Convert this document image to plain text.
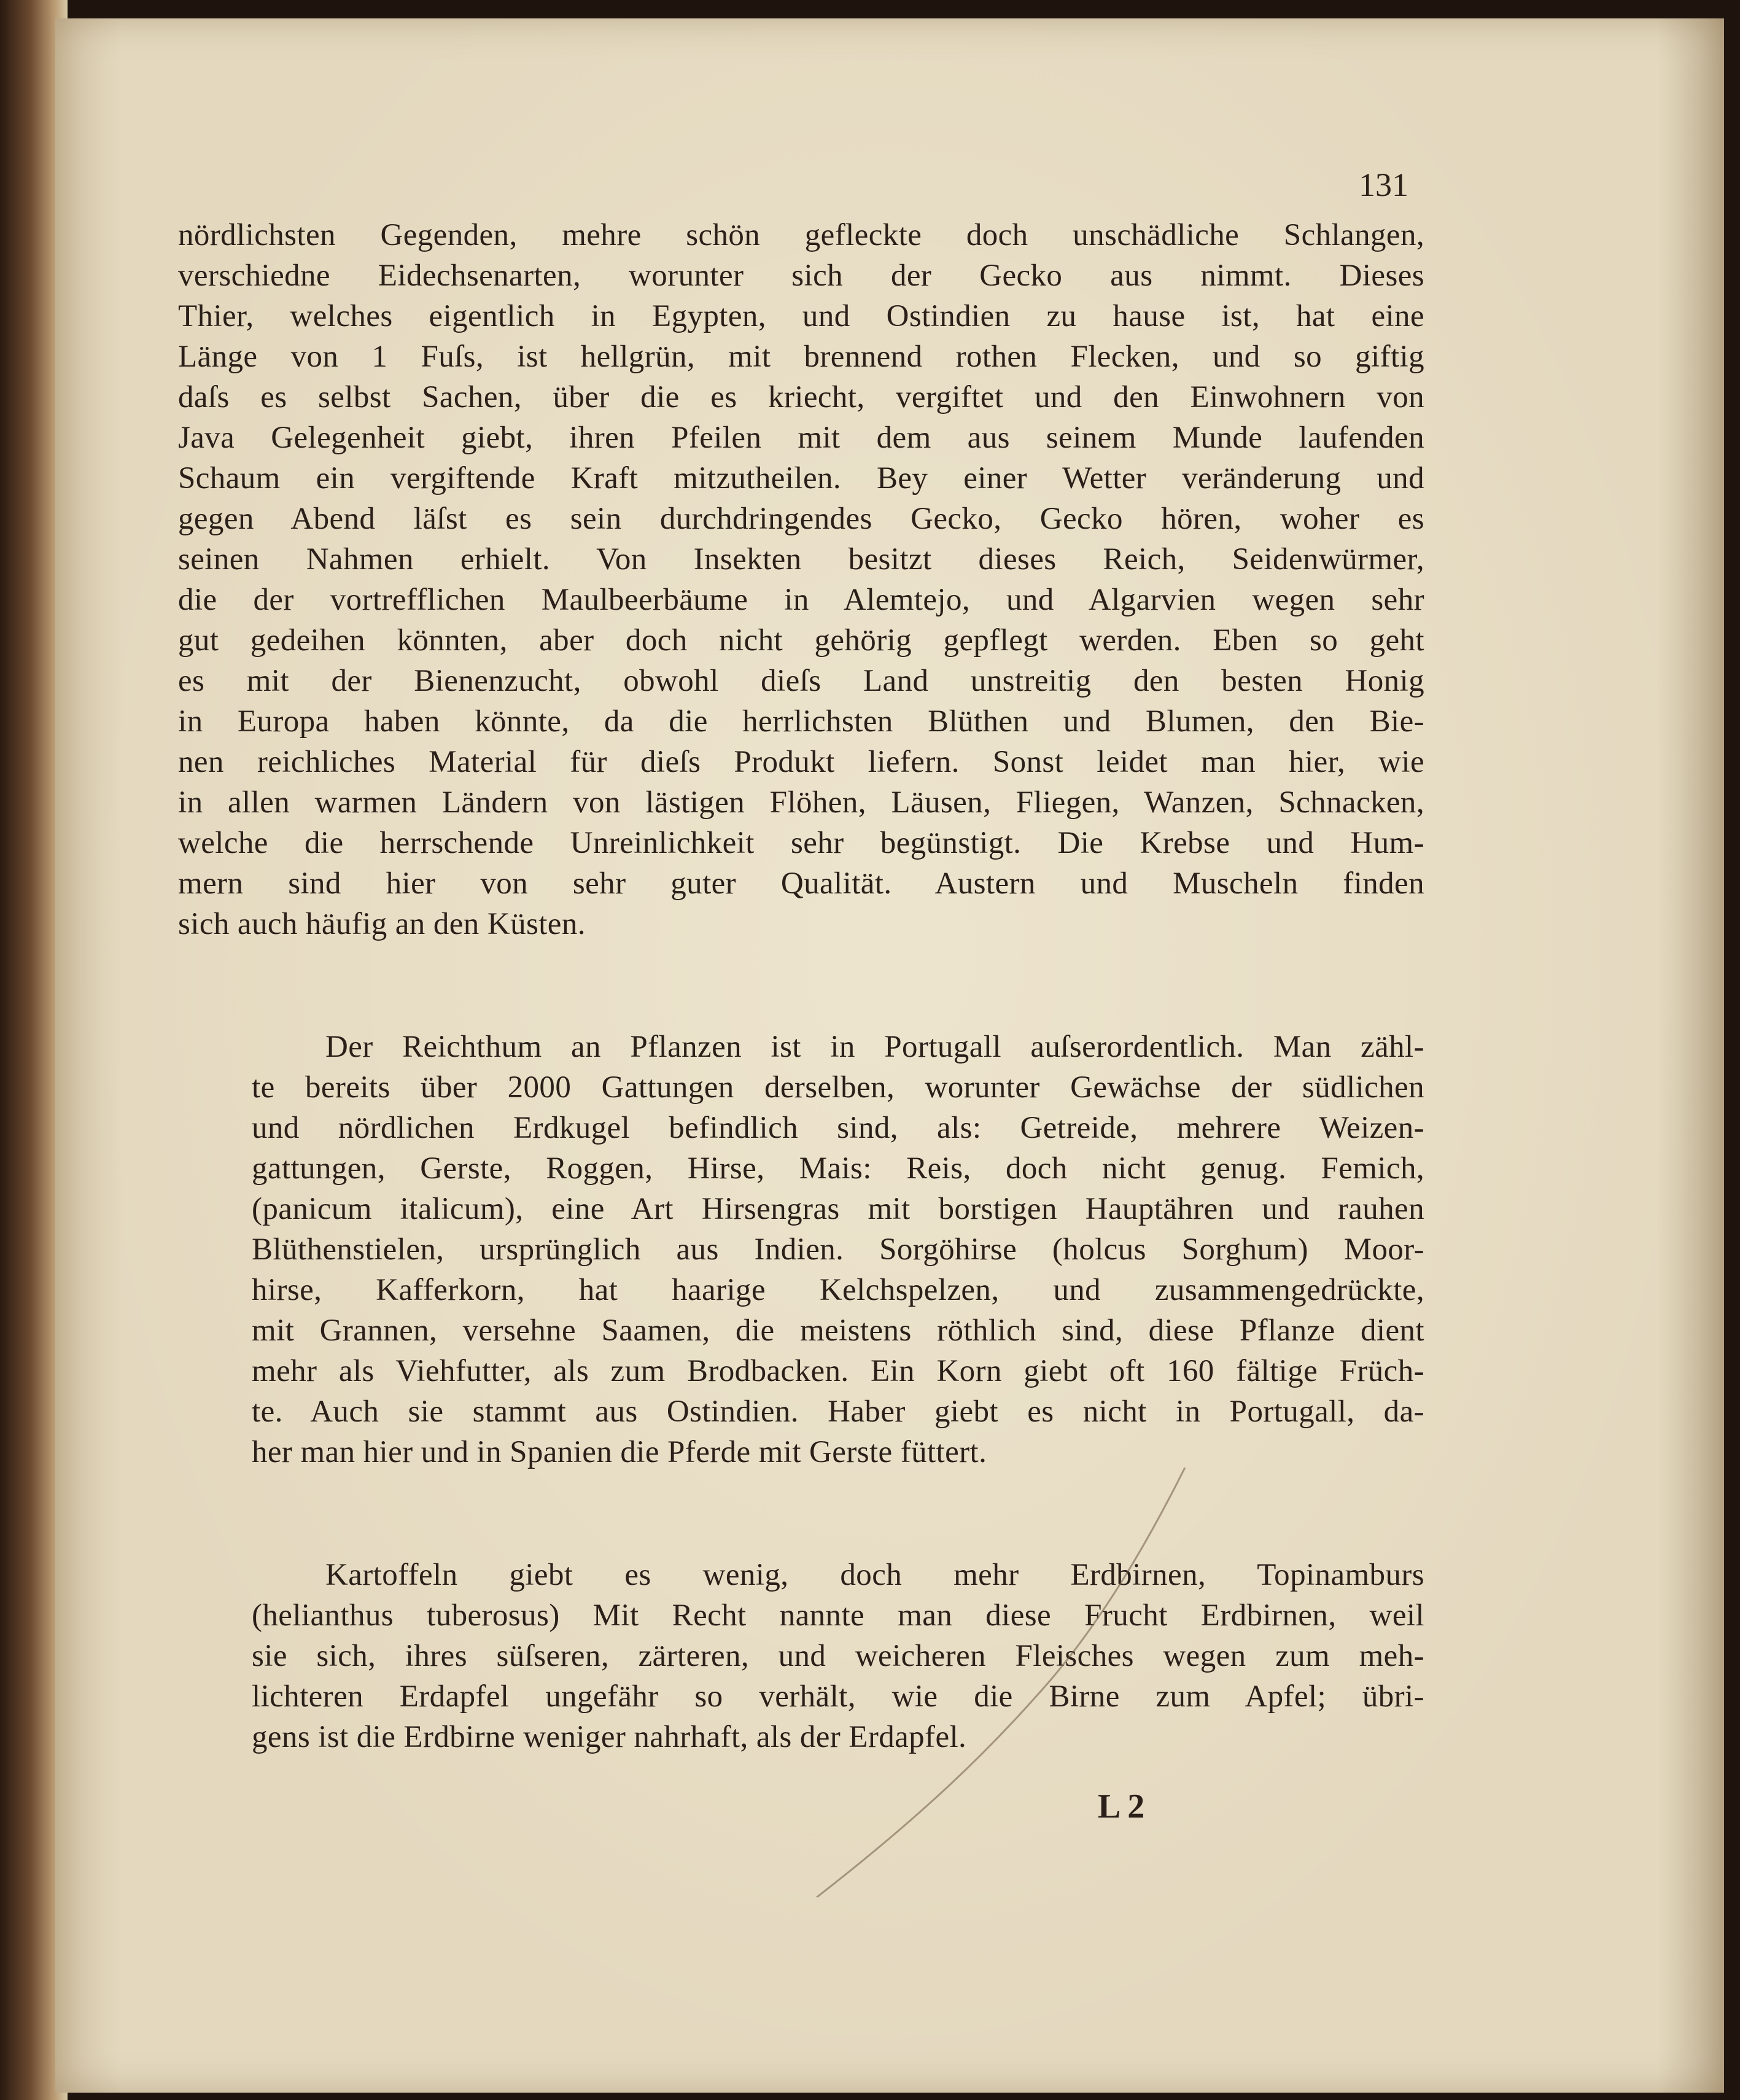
131

nördlichsten Gegenden, mehre schön gefleckte doch unschädliche Schlangen,
verschiedne Eidechsenarten, worunter sich der Gecko aus nimmt. Dieses
Thier, welches eigentlich in Egypten, und Ostindien zu hause ist, hat eine
Länge von 1 Fuſs, ist hellgrün, mit brennend rothen Flecken, und so giftig
daſs es selbst Sachen, über die es kriecht, vergiftet und den Einwohnern von
Java Gelegenheit giebt, ihren Pfeilen mit dem aus seinem Munde laufenden
Schaum ein vergiftende Kraft mitzutheilen. Bey einer Wetter veränderung und
gegen Abend läſst es sein durchdringendes Gecko, Gecko hören, woher es
seinen Nahmen erhielt. Von Insekten besitzt dieses Reich, Seidenwürmer,
die der vortrefflichen Maulbeerbäume in Alemtejo, und Algarvien wegen sehr
gut gedeihen könnten, aber doch nicht gehörig gepflegt werden. Eben so geht
es mit der Bienenzucht, obwohl dieſs Land unstreitig den besten Honig
in Europa haben könnte, da die herrlichsten Blüthen und Blumen, den Bie-
nen reichliches Material für dieſs Produkt liefern. Sonst leidet man hier, wie
in allen warmen Ländern von lästigen Flöhen, Läusen, Fliegen, Wanzen, Schnacken,
welche die herrschende Unreinlichkeit sehr begünstigt. Die Krebse und Hum-
mern sind hier von sehr guter Qualität. Austern und Muscheln finden
sich auch häufig an den Küsten.

Der Reichthum an Pflanzen ist in Portugall auſserordentlich. Man zähl-
te bereits über 2000 Gattungen derselben, worunter Gewächse der südlichen
und nördlichen Erdkugel befindlich sind, als: Getreide, mehrere Weizen-
gattungen, Gerste, Roggen, Hirse, Mais: Reis, doch nicht genug. Femich,
(panicum italicum), eine Art Hirsengras mit borstigen Hauptähren und rauhen
Blüthenstielen, ursprünglich aus Indien. Sorgöhirse (holcus Sorghum) Moor-
hirse, Kafferkorn, hat haarige Kelchspelzen, und zusammengedrückte,
mit Grannen, versehne Saamen, die meistens röthlich sind, diese Pflanze dient
mehr als Viehfutter, als zum Brodbacken. Ein Korn giebt oft 160 fältige Früch-
te. Auch sie stammt aus Ostindien. Haber giebt es nicht in Portugall, da-
her man hier und in Spanien die Pferde mit Gerste füttert.

Kartoffeln giebt es wenig, doch mehr Erdbirnen, Topinamburs
(helianthus tuberosus) Mit Recht nannte man diese Frucht Erdbirnen, weil
sie sich, ihres süſseren, zärteren, und weicheren Fleisches wegen zum meh-
lichteren Erdapfel ungefähr so verhält, wie die Birne zum Apfel; übri-
gens ist die Erdbirne weniger nahrhaft, als der Erdapfel.

L 2
